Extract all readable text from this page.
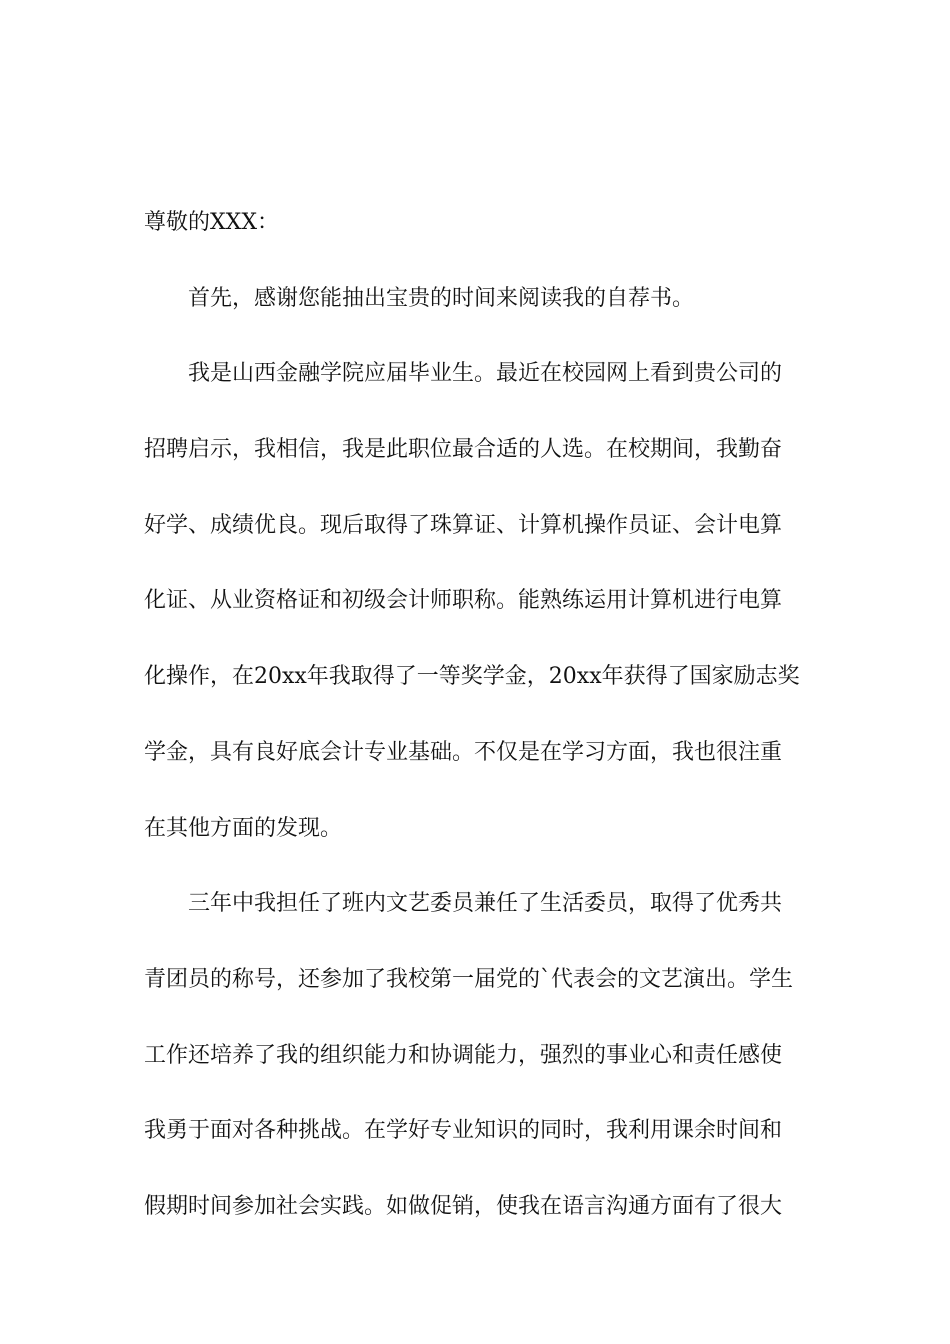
尊敬的XXX：
首先，感谢您能抽出宝贵的时间来阅读我的自荐书。
我是山西金融学院应届毕业生。最近在校园网上看到贵公司的
招聘启示，我相信，我是此职位最合适的人选。在校期间，我勤奋
好学、成绩优良。现后取得了珠算证、计算机操作员证、会计电算
化证、从业资格证和初级会计师职称。能熟练运用计算机进行电算
化操作，在20xx年我取得了一等奖学金，20xx年获得了国家励志奖
学金，具有良好底会计专业基础。不仅是在学习方面，我也很注重
在其他方面的发现。
三年中我担任了班内文艺委员兼任了生活委员，取得了优秀共
青团员的称号，还参加了我校第一届党的`代表会的文艺演出。学生
工作还培养了我的组织能力和协调能力，强烈的事业心和责任感使
我勇于面对各种挑战。在学好专业知识的同时，我利用课余时间和
假期时间参加社会实践。如做促销，使我在语言沟通方面有了很大
